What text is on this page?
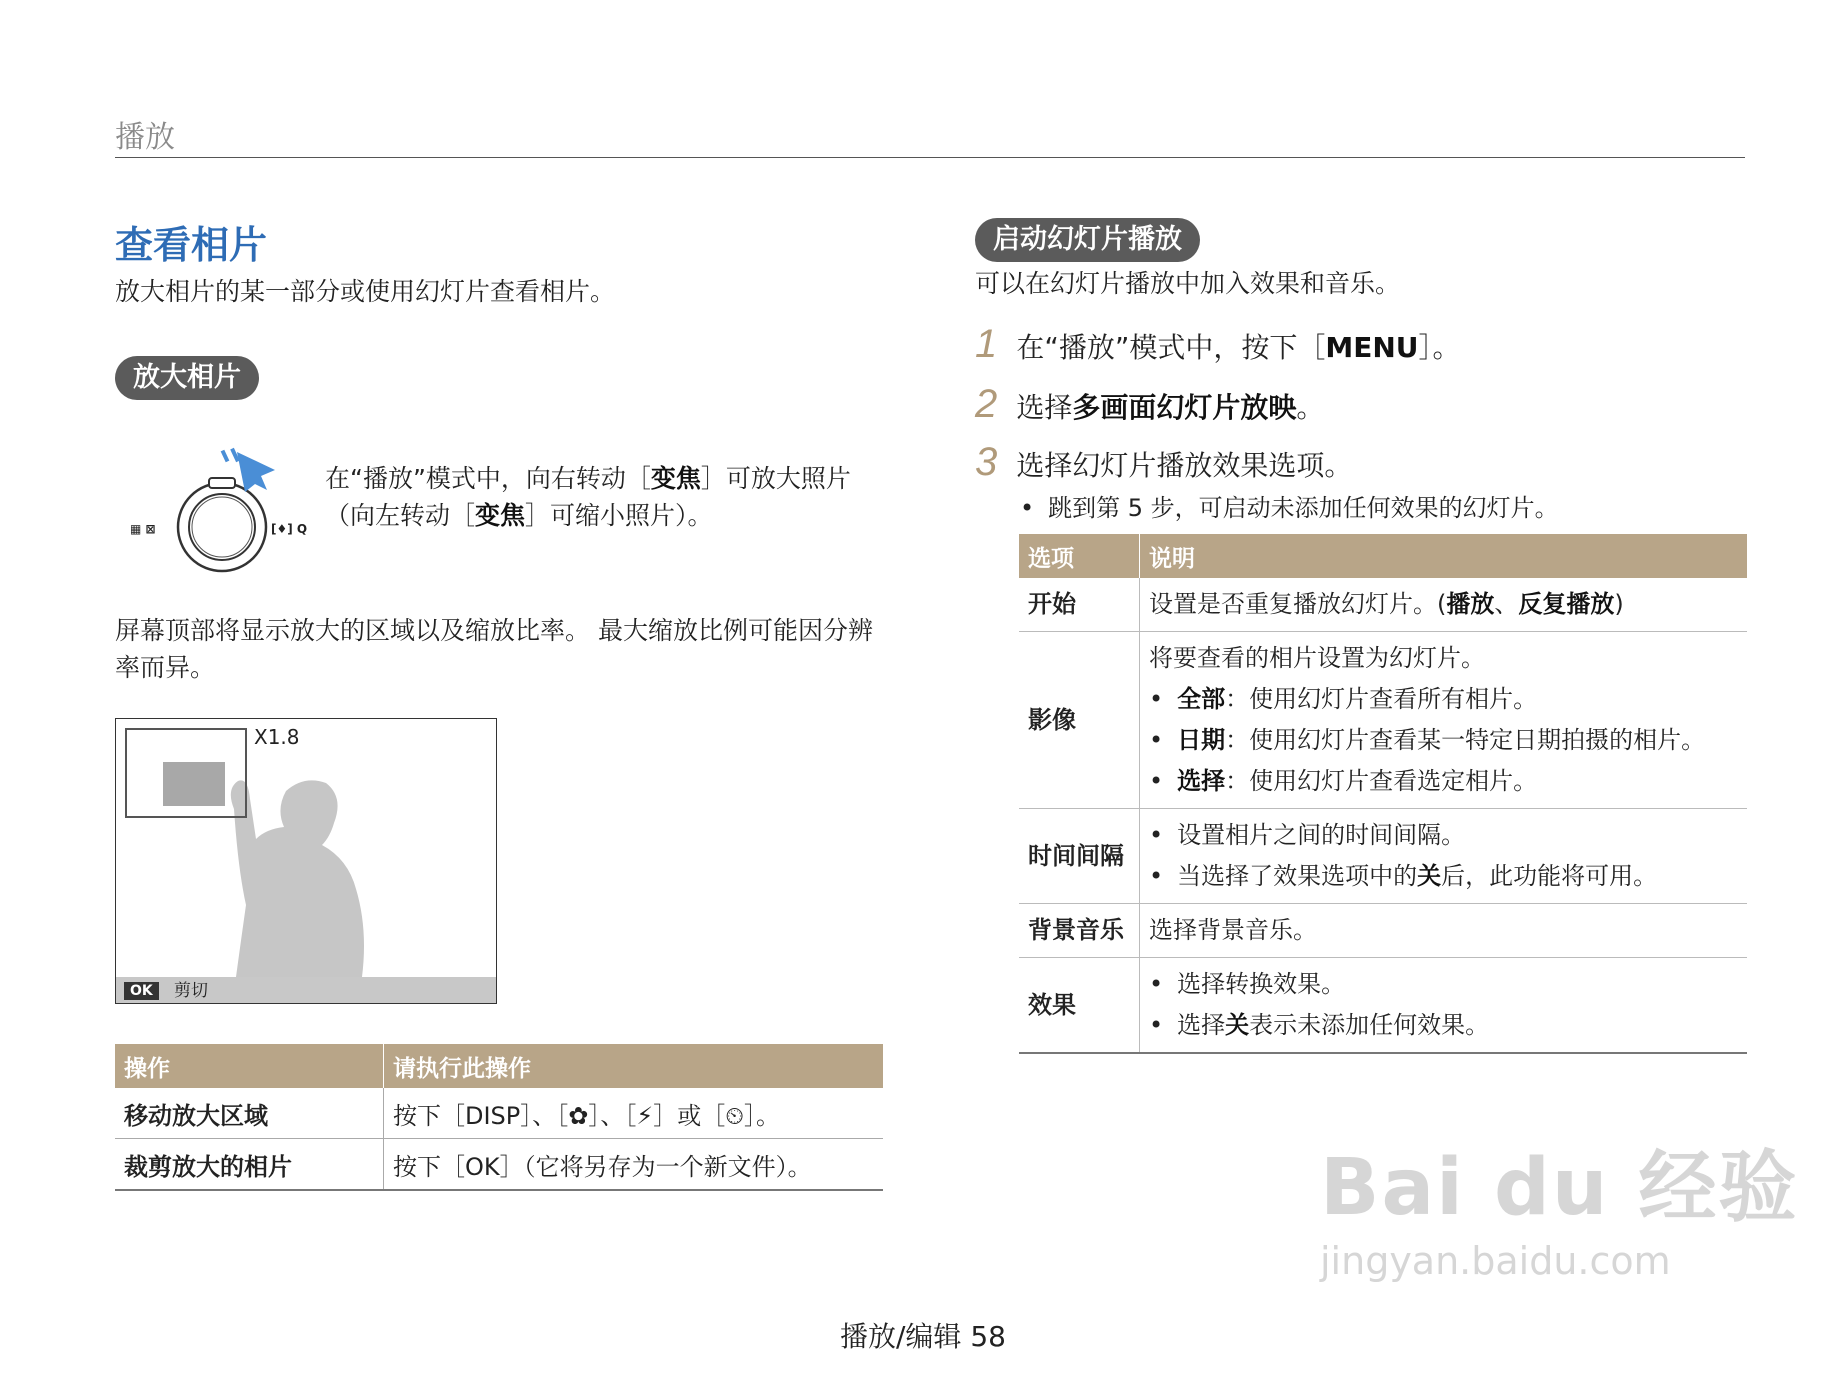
播放
查看相片
放大相片的某一部分或使用幻灯片查看相片。
放大相片
▦ ⊠	[♦] Q
在“播放”模式中，向右转动［变焦］可放大照片（向左转动［变焦］可缩小照片）。
屏幕顶部将显示放大的区域以及缩放比率。 最大缩放比例可能因分辨率而异。
X1.8
OK	剪切
操作	请执行此操作
移动放大区域	按下［DISP］、［✿］、［⚡］或［⏲］。
裁剪放大的相片	按下［OK］（它将另存为一个新文件）。
启动幻灯片播放
可以在幻灯片播放中加入效果和音乐。
1 在“播放”模式中，按下［MENU］。
2 选择多画面幻灯片放映。
3 选择幻灯片播放效果选项。
• 跳到第 5 步，可启动未添加任何效果的幻灯片。
选项	说明
开始	设置是否重复播放幻灯片。(播放、反复播放)

影像	将要查看的相片设置为幻灯片。
• 全部：使用幻灯片查看所有相片。
• 日期：使用幻灯片查看某一特定日期拍摄的相片。
• 选择：使用幻灯片查看选定相片。

时间间隔	• 设置相片之间的时间间隔。
• 当选择了效果选项中的关后，此功能将可用。

背景音乐	选择背景音乐。

效果	• 选择转换效果。
• 选择关表示未添加任何效果。
播放/编辑 58
Bai du 经验
jingyan.baidu.com
